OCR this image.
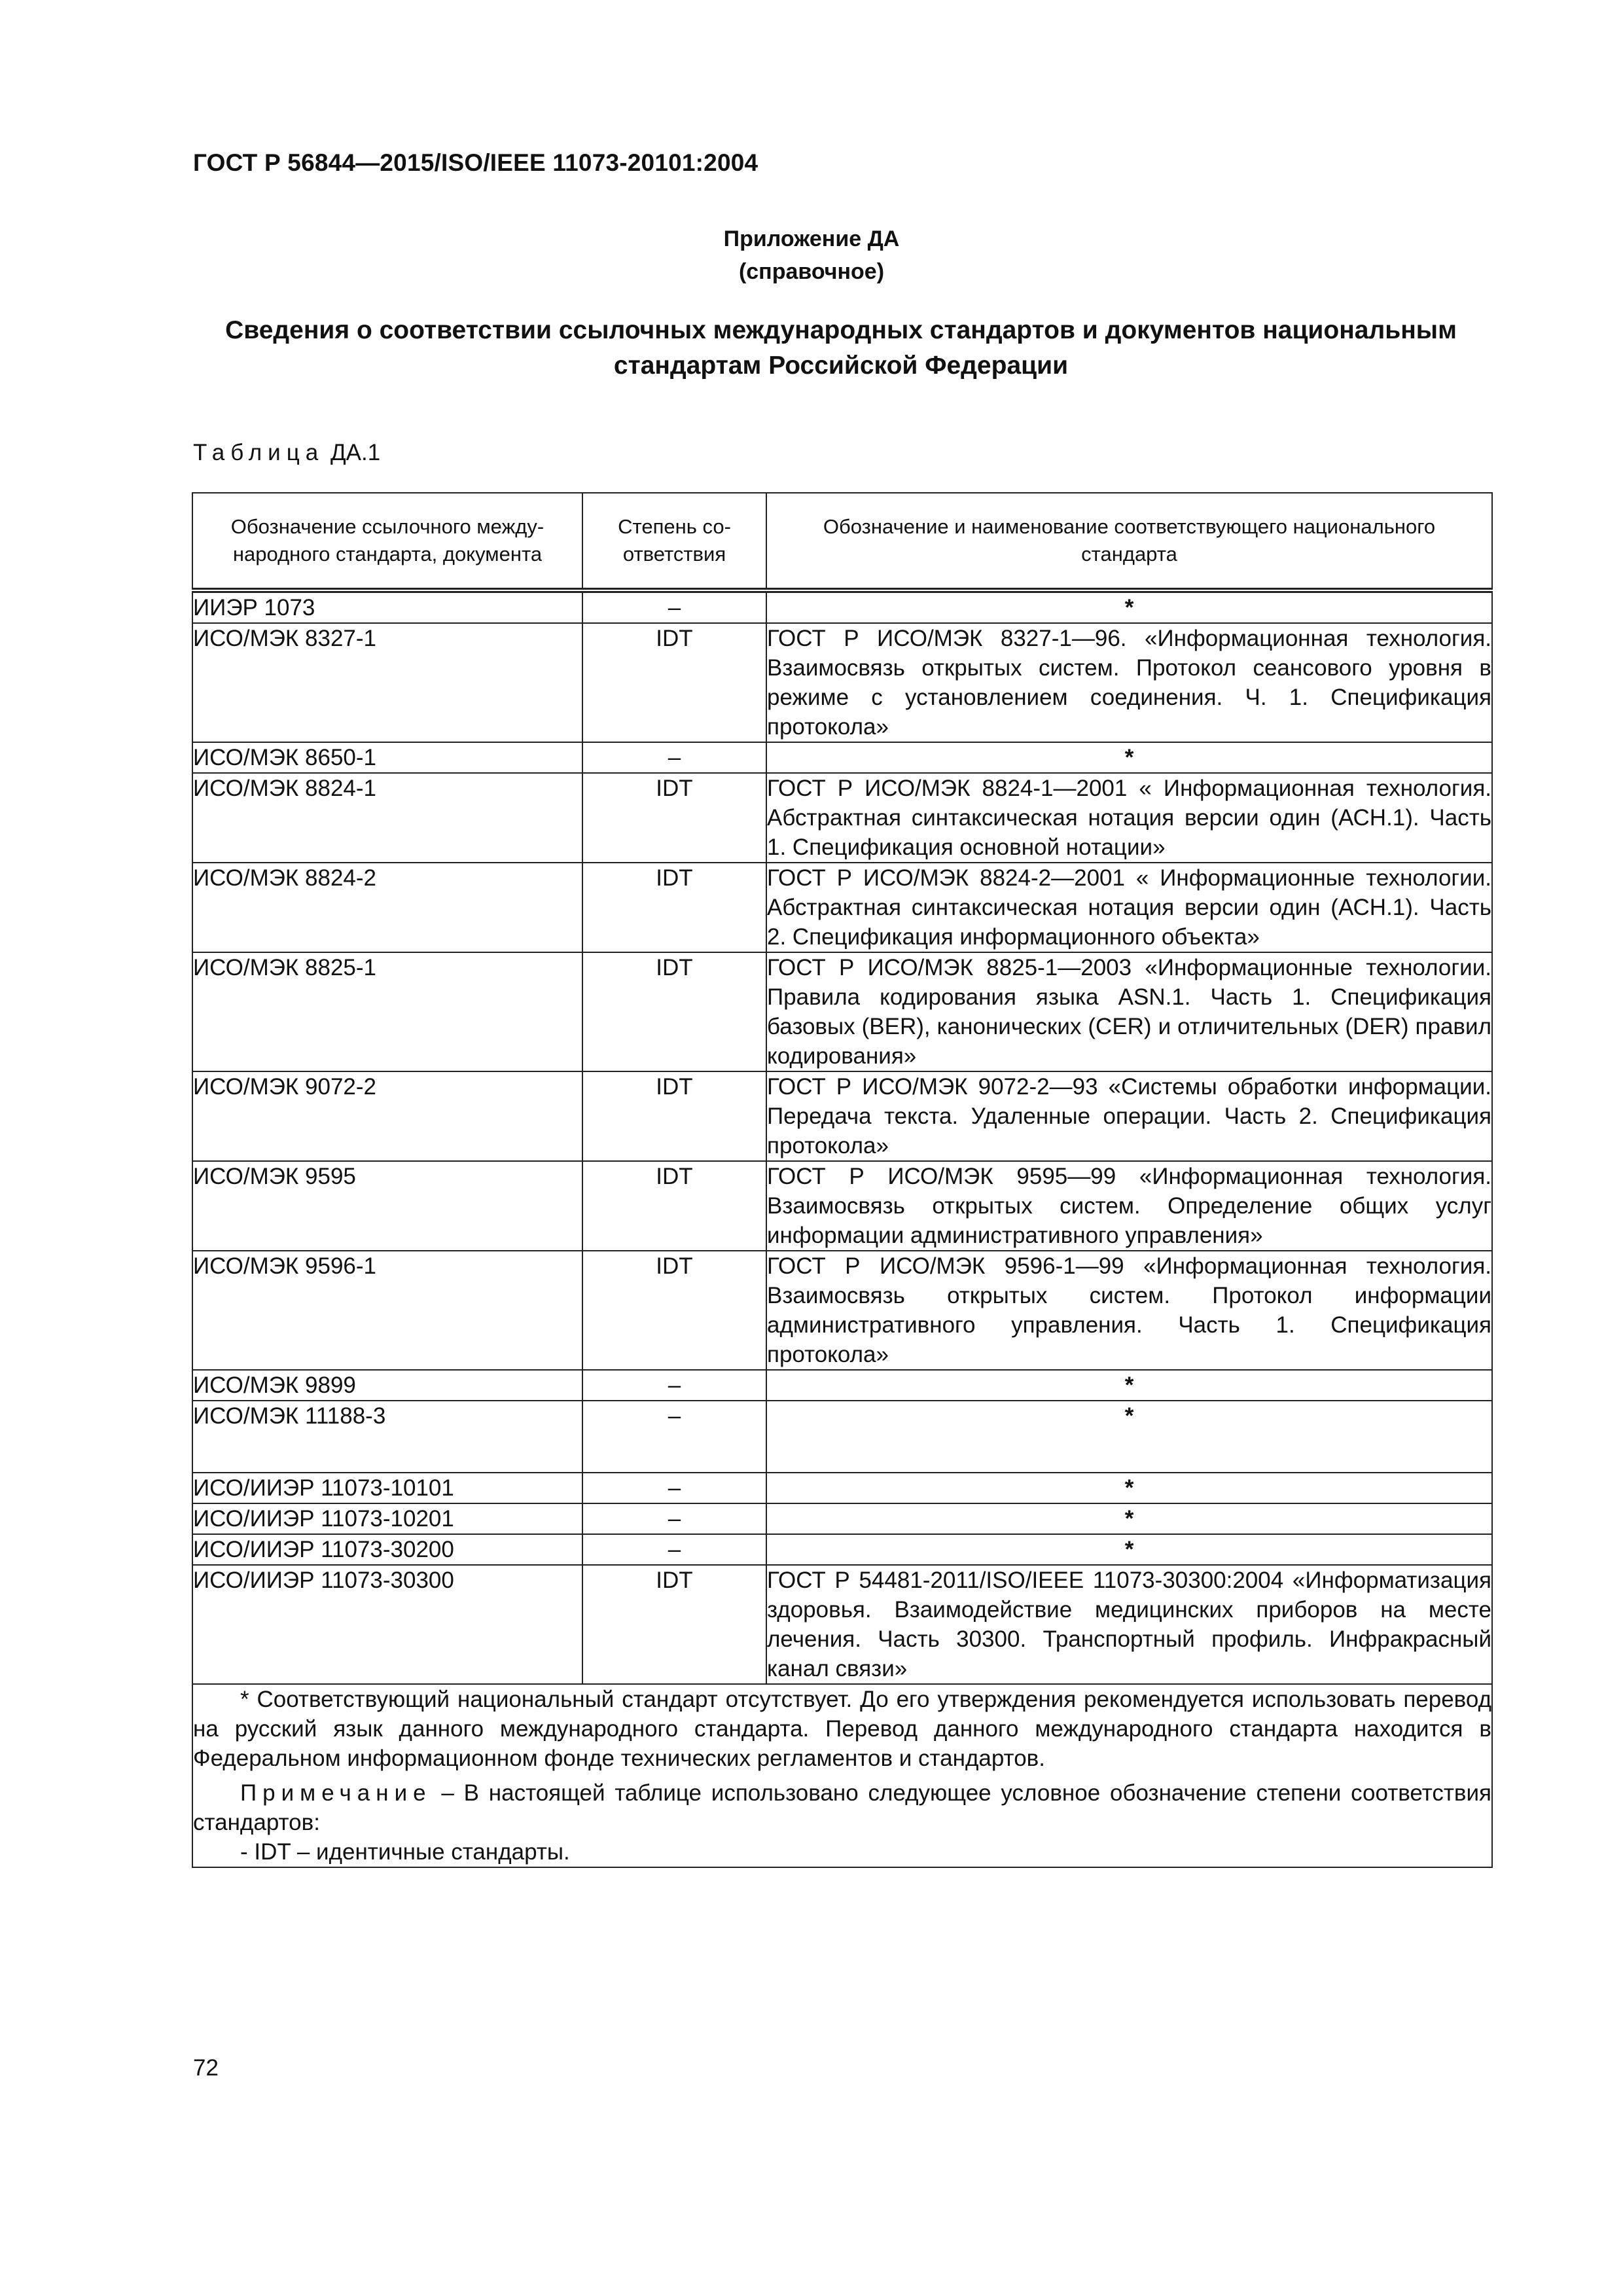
ГОСТ Р 56844—2015/ISO/IEEE 11073-20101:2004
Приложение ДА
(справочное)
Сведения о соответствии ссылочных международных стандартов и документов национальным
стандартам Российской Федерации
Таблица ДА.1
Обозначение ссылочного между-народного стандарта, документа	Степень со-ответствия	Обозначение и наименование соответствующего национального стандарта
ИИЭР 1073	–	*
ИСО/МЭК 8327-1	IDT	ГОСТ Р ИСО/МЭК 8327-1—96. «Информационная технология. Взаимосвязь открытых систем. Протокол сеансового уровня в режиме с установлением соединения. Ч. 1. Спецификация протокола»
ИСО/МЭК 8650-1	–	*
ИСО/МЭК 8824-1	IDT	ГОСТ Р ИСО/МЭК 8824-1—2001 « Информационная технология. Абстрактная синтаксическая нотация версии один (АСН.1). Часть 1. Спецификация основной нотации»
ИСО/МЭК 8824-2	IDT	ГОСТ Р ИСО/МЭК 8824-2—2001 « Информационные технологии. Абстрактная синтаксическая нотация версии один (АСН.1). Часть 2. Спецификация информационного объекта»
ИСО/МЭК 8825-1	IDT	ГОСТ Р ИСО/МЭК 8825-1—2003 «Информационные технологии. Правила кодирования языка ASN.1. Часть 1. Спецификация базовых (BER), канонических (CER) и отличительных (DER) правил кодирования»
ИСО/МЭК 9072-2	IDT	ГОСТ Р ИСО/МЭК 9072-2—93 «Системы обработки информации. Передача текста. Удаленные операции. Часть 2. Спецификация протокола»
ИСО/МЭК 9595	IDT	ГОСТ Р ИСО/МЭК 9595—99 «Информационная технология. Взаимосвязь открытых систем. Определение общих услуг информации административного управления»
ИСО/МЭК 9596-1	IDT	ГОСТ Р ИСО/МЭК 9596-1—99 «Информационная технология. Взаимосвязь открытых систем. Протокол информации административного управления. Часть 1. Спецификация протокола»
ИСО/МЭК 9899	–	*
ИСО/МЭК 11188-3	–	*
ИСО/ИИЭР 11073-10101	–	*
ИСО/ИИЭР 11073-10201	–	*
ИСО/ИИЭР 11073-30200	–	*
ИСО/ИИЭР 11073-30300	IDT	ГОСТ Р 54481-2011/ISO/IEEE 11073-30300:2004 «Информатизация здоровья. Взаимодействие медицинских приборов на месте лечения. Часть 30300. Транспортный профиль. Инфракрасный канал связи»

* Соответствующий национальный стандарт отсутствует. До его утверждения рекомендуется использовать перевод на русский язык данного международного стандарта. Перевод данного международного стандарта находится в Федеральном информационном фонде технических регламентов и стандартов.

Примечание – В настоящей таблице использовано следующее условное обозначение степени соответствия стандартов:

- IDT – идентичные стандарты.		

72
